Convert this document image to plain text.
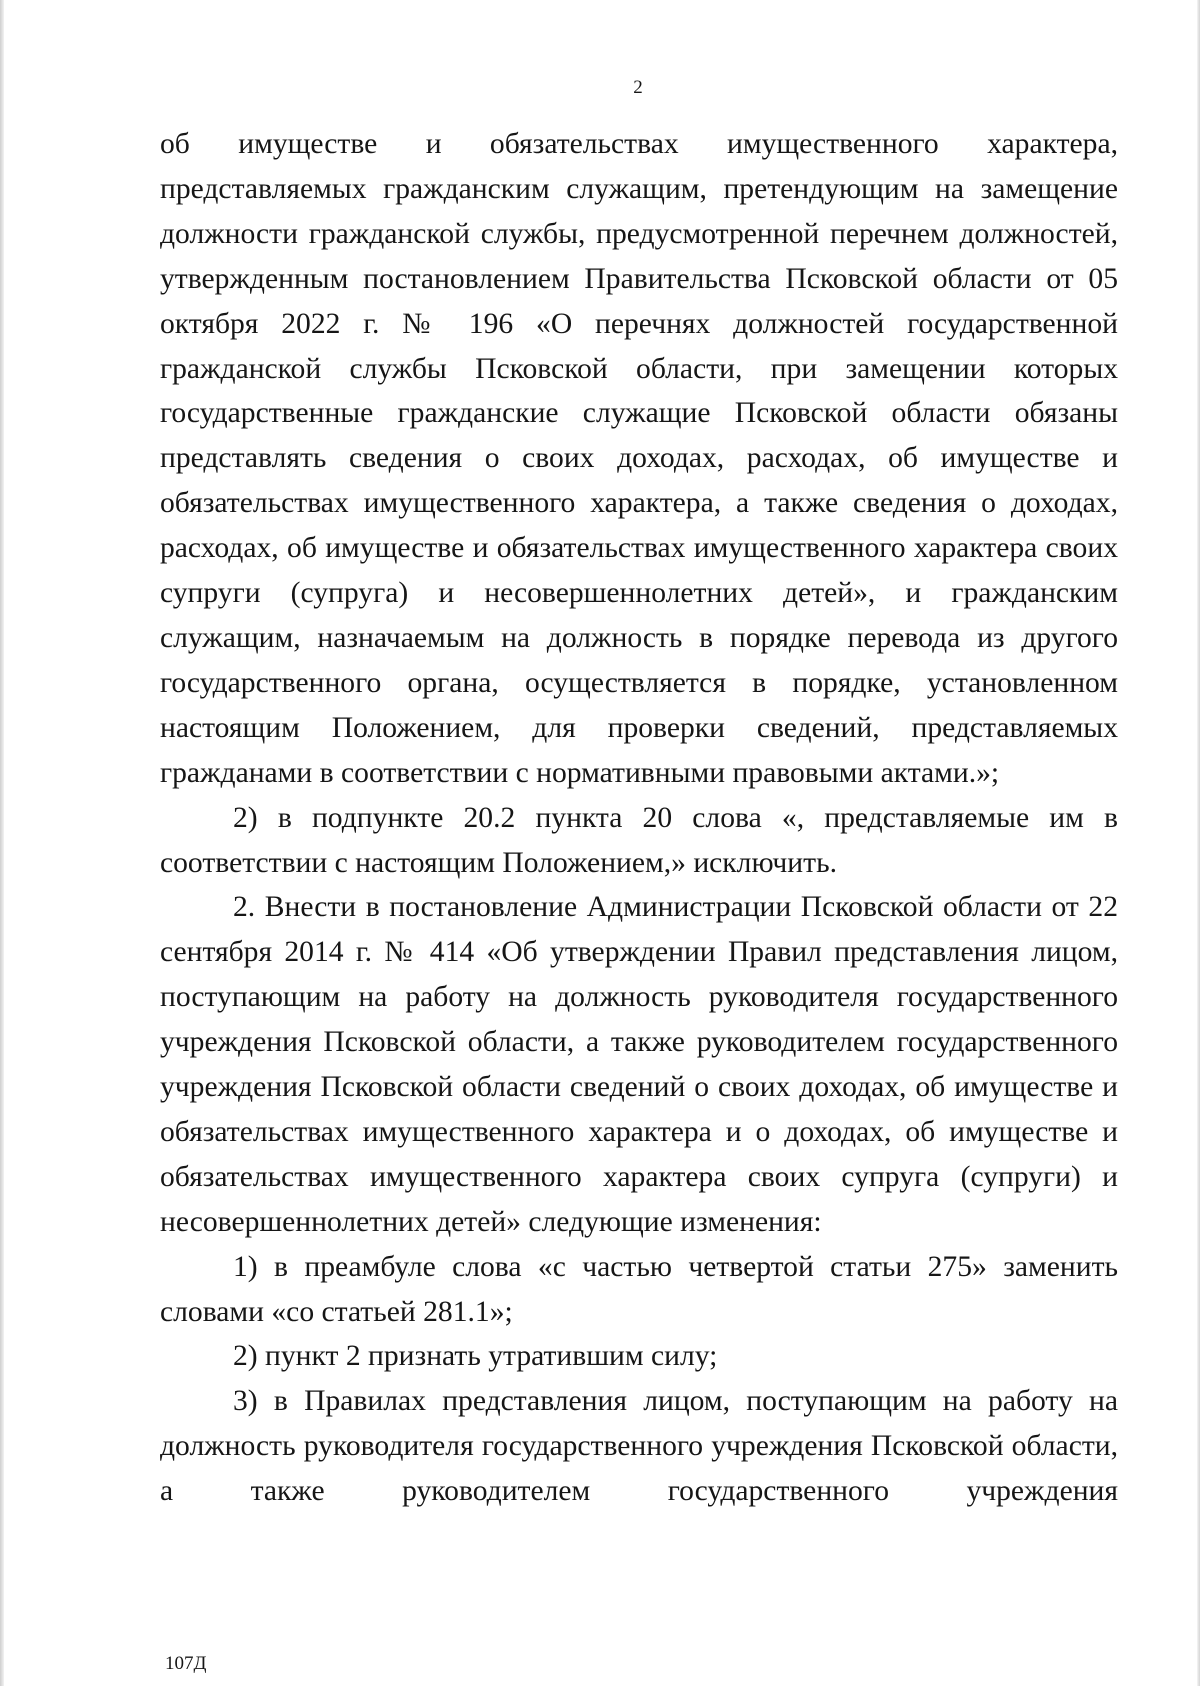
2

об имуществе и обязательствах имущественного характера, представляемых гражданским служащим, претендующим на замещение должности гражданской службы, предусмотренной перечнем должностей, утвержденным постановлением Правительства Псковской области от 05 октября 2022 г. № 196 «О перечнях должностей государственной гражданской службы Псковской области, при замещении которых государственные гражданские служащие Псковской области обязаны представлять сведения о своих доходах, расходах, об имуществе и обязательствах имущественного характера, а также сведения о доходах, расходах, об имуществе и обязательствах имущественного характера своих супруги (супруга) и несовершеннолетних детей», и гражданским служащим, назначаемым на должность в порядке перевода из другого государственного органа, осуществляется в порядке, установленном настоящим Положением, для проверки сведений, представляемых гражданами в соответствии с нормативными правовыми актами.»;

2) в подпункте 20.2 пункта 20 слова «, представляемые им в соответствии с настоящим Положением,» исключить.

2. Внести в постановление Администрации Псковской области от 22 сентября 2014 г. № 414 «Об утверждении Правил представления лицом, поступающим на работу на должность руководителя государственного учреждения Псковской области, а также руководителем государственного учреждения Псковской области сведений о своих доходах, об имуществе и обязательствах имущественного характера и о доходах, об имуществе и обязательствах имущественного характера своих супруга (супруги) и несовершеннолетних детей» следующие изменения:

1) в преамбуле слова «с частью четвертой статьи 275» заменить словами «со статьей 281.1»;

2) пункт 2 признать утратившим силу;

3) в Правилах представления лицом, поступающим на работу на должность руководителя государственного учреждения Псковской области, а также руководителем государственного учреждения

107Д
